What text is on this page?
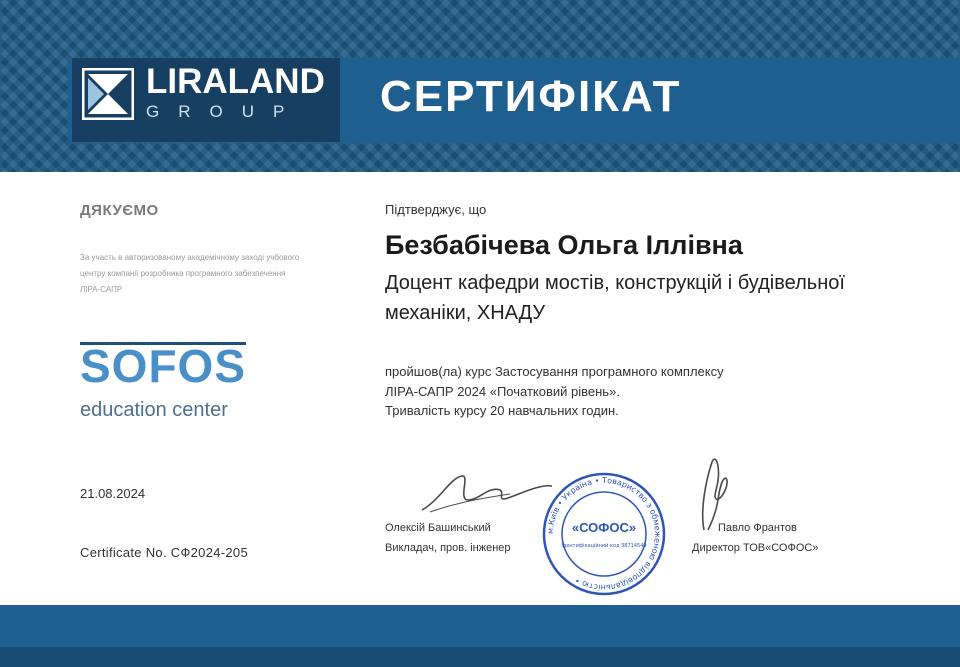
LIRALAND
GROUP СЕРТИФІКАТ
ДЯКУЄМО
За участь в авторизованому академічному заході учбового центру компанії розробника програмного забезпечення ЛІРА-САПР
SOFOS
education center
21.08.2024
Certificate No. СФ2024-205
Підтверджує, що
Безбабічева Ольга Іллівна
Доцент кафедри мостів, конструкцій і будівельної механіки, ХНАДУ
пройшов(ла) курс Застосування програмного комплексу
ЛІРА-САПР 2024 «Початковий рівень».
Тривалість курсу 20 навчальних годин.
м.Київ • Україна • Товариство з обмеженою відповідальністю •
«СОФОС»
Ідентифікаційний код 38714549
Олексій Башинський
Викладач, пров. інженер
Павло Франтов
Директор ТОВ«СОФОС»
